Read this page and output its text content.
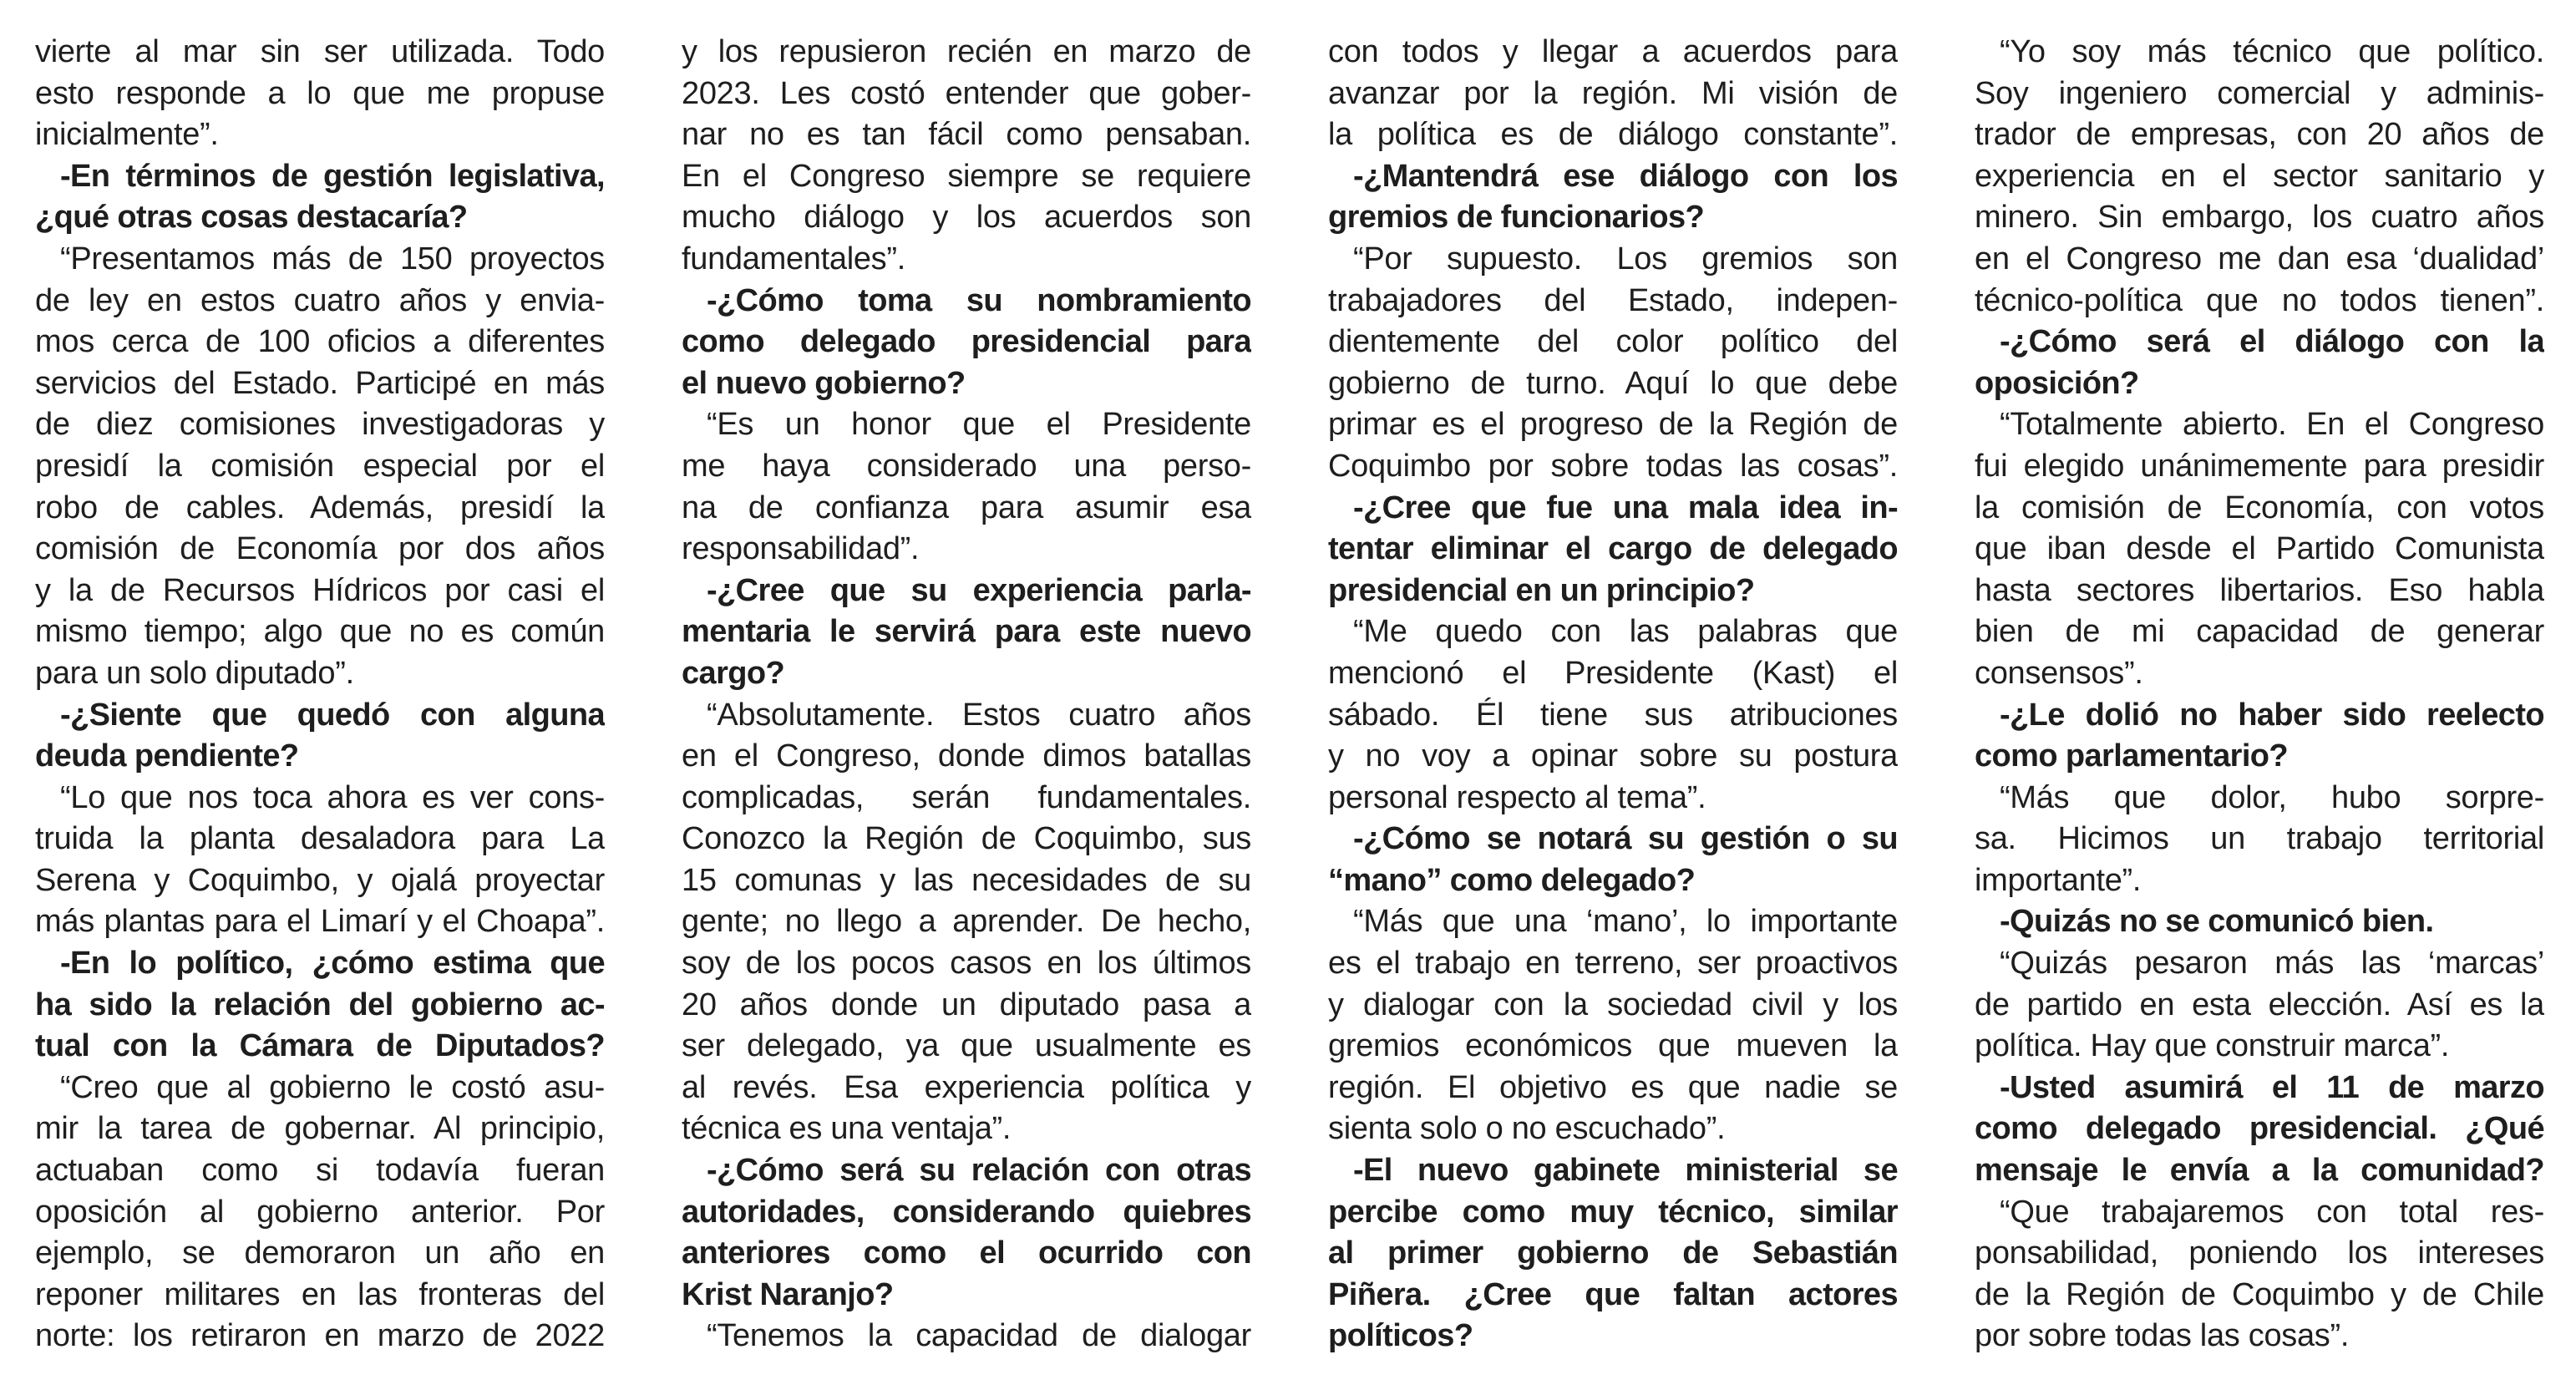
vierte al mar sin ser utilizada. Todo
esto responde a lo que me propuse
inicialmente”.
-En términos de gestión legislativa,
¿qué otras cosas destacaría?
“Presentamos más de 150 proyectos
de ley en estos cuatro años y envia-
mos cerca de 100 oficios a diferentes
servicios del Estado. Participé en más
de diez comisiones investigadoras y
presidí la comisión especial por el
robo de cables. Además, presidí la
comisión de Economía por dos años
y la de Recursos Hídricos por casi el
mismo tiempo; algo que no es común
para un solo diputado”.
-¿Siente que quedó con alguna
deuda pendiente?
“Lo que nos toca ahora es ver cons-
truida la planta desaladora para La
Serena y Coquimbo, y ojalá proyectar
más plantas para el Limarí y el Choapa”.
-En lo político, ¿cómo estima que
ha sido la relación del gobierno ac-
tual con la Cámara de Diputados?
“Creo que al gobierno le costó asu-
mir la tarea de gobernar. Al principio,
actuaban como si todavía fueran
oposición al gobierno anterior. Por
ejemplo, se demoraron un año en
reponer militares en las fronteras del
norte: los retiraron en marzo de 2022
y los repusieron recién en marzo de
2023. Les costó entender que gober-
nar no es tan fácil como pensaban.
En el Congreso siempre se requiere
mucho diálogo y los acuerdos son
fundamentales”.
-¿Cómo toma su nombramiento
como delegado presidencial para
el nuevo gobierno?
“Es un honor que el Presidente
me haya considerado una perso-
na de confianza para asumir esa
responsabilidad”.
-¿Cree que su experiencia parla-
mentaria le servirá para este nuevo
cargo?
“Absolutamente. Estos cuatro años
en el Congreso, donde dimos batallas
complicadas, serán fundamentales.
Conozco la Región de Coquimbo, sus
15 comunas y las necesidades de su
gente; no llego a aprender. De hecho,
soy de los pocos casos en los últimos
20 años donde un diputado pasa a
ser delegado, ya que usualmente es
al revés. Esa experiencia política y
técnica es una ventaja”.
-¿Cómo será su relación con otras
autoridades, considerando quiebres
anteriores como el ocurrido con
Krist Naranjo?
“Tenemos la capacidad de dialogar
con todos y llegar a acuerdos para
avanzar por la región. Mi visión de
la política es de diálogo constante”.
-¿Mantendrá ese diálogo con los
gremios de funcionarios?
“Por supuesto. Los gremios son
trabajadores del Estado, indepen-
dientemente del color político del
gobierno de turno. Aquí lo que debe
primar es el progreso de la Región de
Coquimbo por sobre todas las cosas”.
-¿Cree que fue una mala idea in-
tentar eliminar el cargo de delegado
presidencial en un principio?
“Me quedo con las palabras que
mencionó el Presidente (Kast) el
sábado. Él tiene sus atribuciones
y no voy a opinar sobre su postura
personal respecto al tema”.
-¿Cómo se notará su gestión o su
“mano” como delegado?
“Más que una ‘mano’, lo importante
es el trabajo en terreno, ser proactivos
y dialogar con la sociedad civil y los
gremios económicos que mueven la
región. El objetivo es que nadie se
sienta solo o no escuchado”.
-El nuevo gabinete ministerial se
percibe como muy técnico, similar
al primer gobierno de Sebastián
Piñera. ¿Cree que faltan actores
políticos?
“Yo soy más técnico que político.
Soy ingeniero comercial y adminis-
trador de empresas, con 20 años de
experiencia en el sector sanitario y
minero. Sin embargo, los cuatro años
en el Congreso me dan esa ‘dualidad’
técnico-política que no todos tienen”.
-¿Cómo será el diálogo con la
oposición?
“Totalmente abierto. En el Congreso
fui elegido unánimemente para presidir
la comisión de Economía, con votos
que iban desde el Partido Comunista
hasta sectores libertarios. Eso habla
bien de mi capacidad de generar
consensos”.
-¿Le dolió no haber sido reelecto
como parlamentario?
“Más que dolor, hubo sorpre-
sa. Hicimos un trabajo territorial
importante”.
-Quizás no se comunicó bien.
“Quizás pesaron más las ‘marcas’
de partido en esta elección. Así es la
política. Hay que construir marca”.
-Usted asumirá el 11 de marzo
como delegado presidencial. ¿Qué
mensaje le envía a la comunidad?
“Que trabajaremos con total res-
ponsabilidad, poniendo los intereses
de la Región de Coquimbo y de Chile
por sobre todas las cosas”.
